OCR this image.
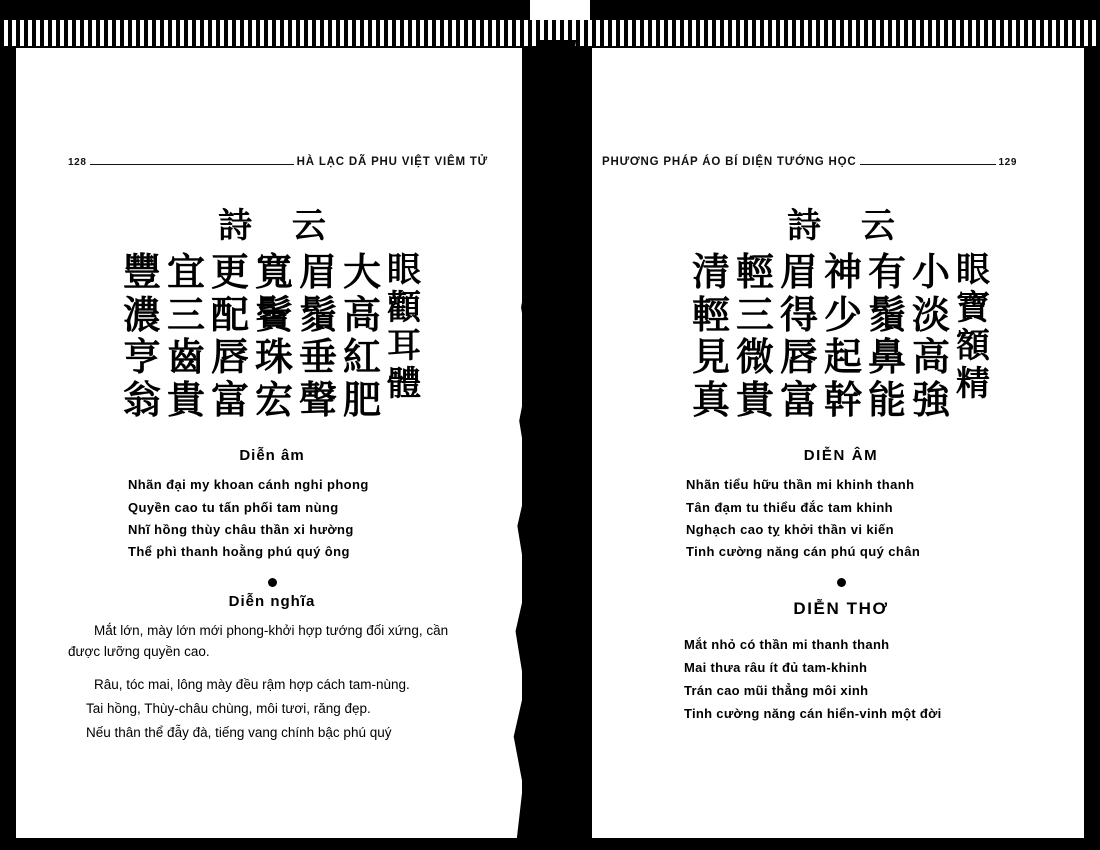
128	HÀ LẠC DÃ PHU VIỆT VIÊM TỬ
詩 云
眼
顴
耳
體
大
高
紅
肥
眉
鬚
垂
聲
寬
鬢
珠
宏
更
配
唇
富
宜
三
齒
貴
豐
濃
亨
翁
Diễn âm
Nhãn đại my khoan cánh nghi phong
Quyền cao tu tấn phối tam nùng
Nhĩ hồng thùy châu thần xi hường
Thể phì thanh hoằng phú quý ông
Diễn nghĩa

Mắt lớn, mày lớn mới phong-khởi hợp tướng đối xứng, cần được lưỡng quyền cao.

Râu, tóc mai, lông mày đều rậm hợp cách tam-nùng.

Tai hồng, Thùy-châu chùng, môi tươi, răng đẹp.

Nếu thân thể đẫy đà, tiếng vang chính bậc phú quý

PHƯƠNG PHÁP ÁO BÍ DIỆN TƯỚNG HỌC	129
詩 云
眼
寶
額
精
小
淡
高
強
有
鬚
鼻
能
神
少
起
幹
眉
得
唇
富
輕
三
微
貴
清
輕
見
真
DIỄN ÂM
Nhãn tiểu hữu thần mi khinh thanh
Tân đạm tu thiểu đắc tam khinh
Nghạch cao tỵ khởi thần vi kiến
Tinh cường năng cán phú quý chân
DIỄN THƠ
Mắt nhỏ có thần mi thanh thanh
Mai thưa râu ít đủ tam-khinh
Trán cao mũi thẳng môi xinh
Tinh cường năng cán hiển-vinh một đời
